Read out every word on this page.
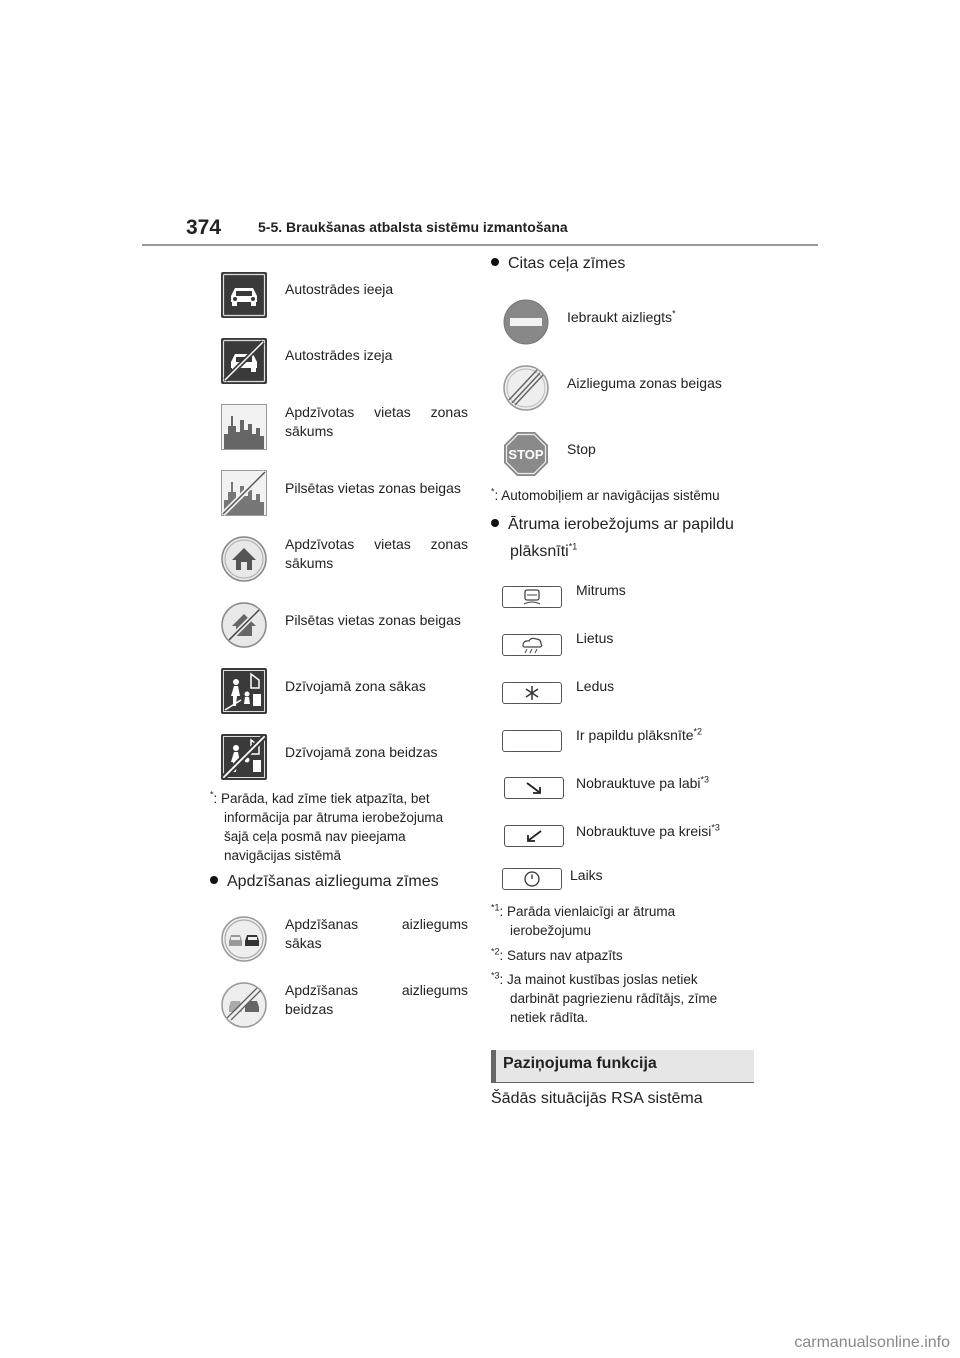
374	5-5. Braukšanas atbalsta sistēmu izmantošana
Autostrādes ieeja
Autostrādes izeja
Apdzīvotas vietas zonas sākums
Pilsētas vietas zonas beigas
Apdzīvotas vietas zonas sākums
Pilsētas vietas zonas beigas
Dzīvojamā zona sākas
Dzīvojamā zona beidzas
*: Parāda, kad zīme tiek atpazīta, bet
informācija par ātruma ierobežojuma
šajā ceļa posmā nav pieejama
navigācijas sistēmā
Apdzīšanas aizlieguma zīmes
Apdzīšanas aizliegums sākas
Apdzīšanas aizliegums beidzas
Citas ceļa zīmes
Iebraukt aizliegts*
Aizlieguma zonas beigas
STOP Stop
*: Automobiļiem ar navigācijas sistēmu
Ātruma ierobežojums ar papildu
plāksnīti$^{*1}$
Mitrums
Lietus
Ledus
Ir papildu plāksnīte$^{*2}$
Nobrauktuve pa labi$^{*3}$
Nobrauktuve pa kreisi$^{*3}$
Laiks
$^{*1}$: Parāda vienlaicīgi ar ātruma
ierobežojumu
$^{*2}$: Saturs nav atpazīts
$^{*3}$: Ja mainot kustības joslas netiek
darbināt pagriezienu rādītājs, zīme
netiek rādīta.
Paziņojuma funkcija
Šādās situācijās RSA sistēma
carmanualsonline.info
